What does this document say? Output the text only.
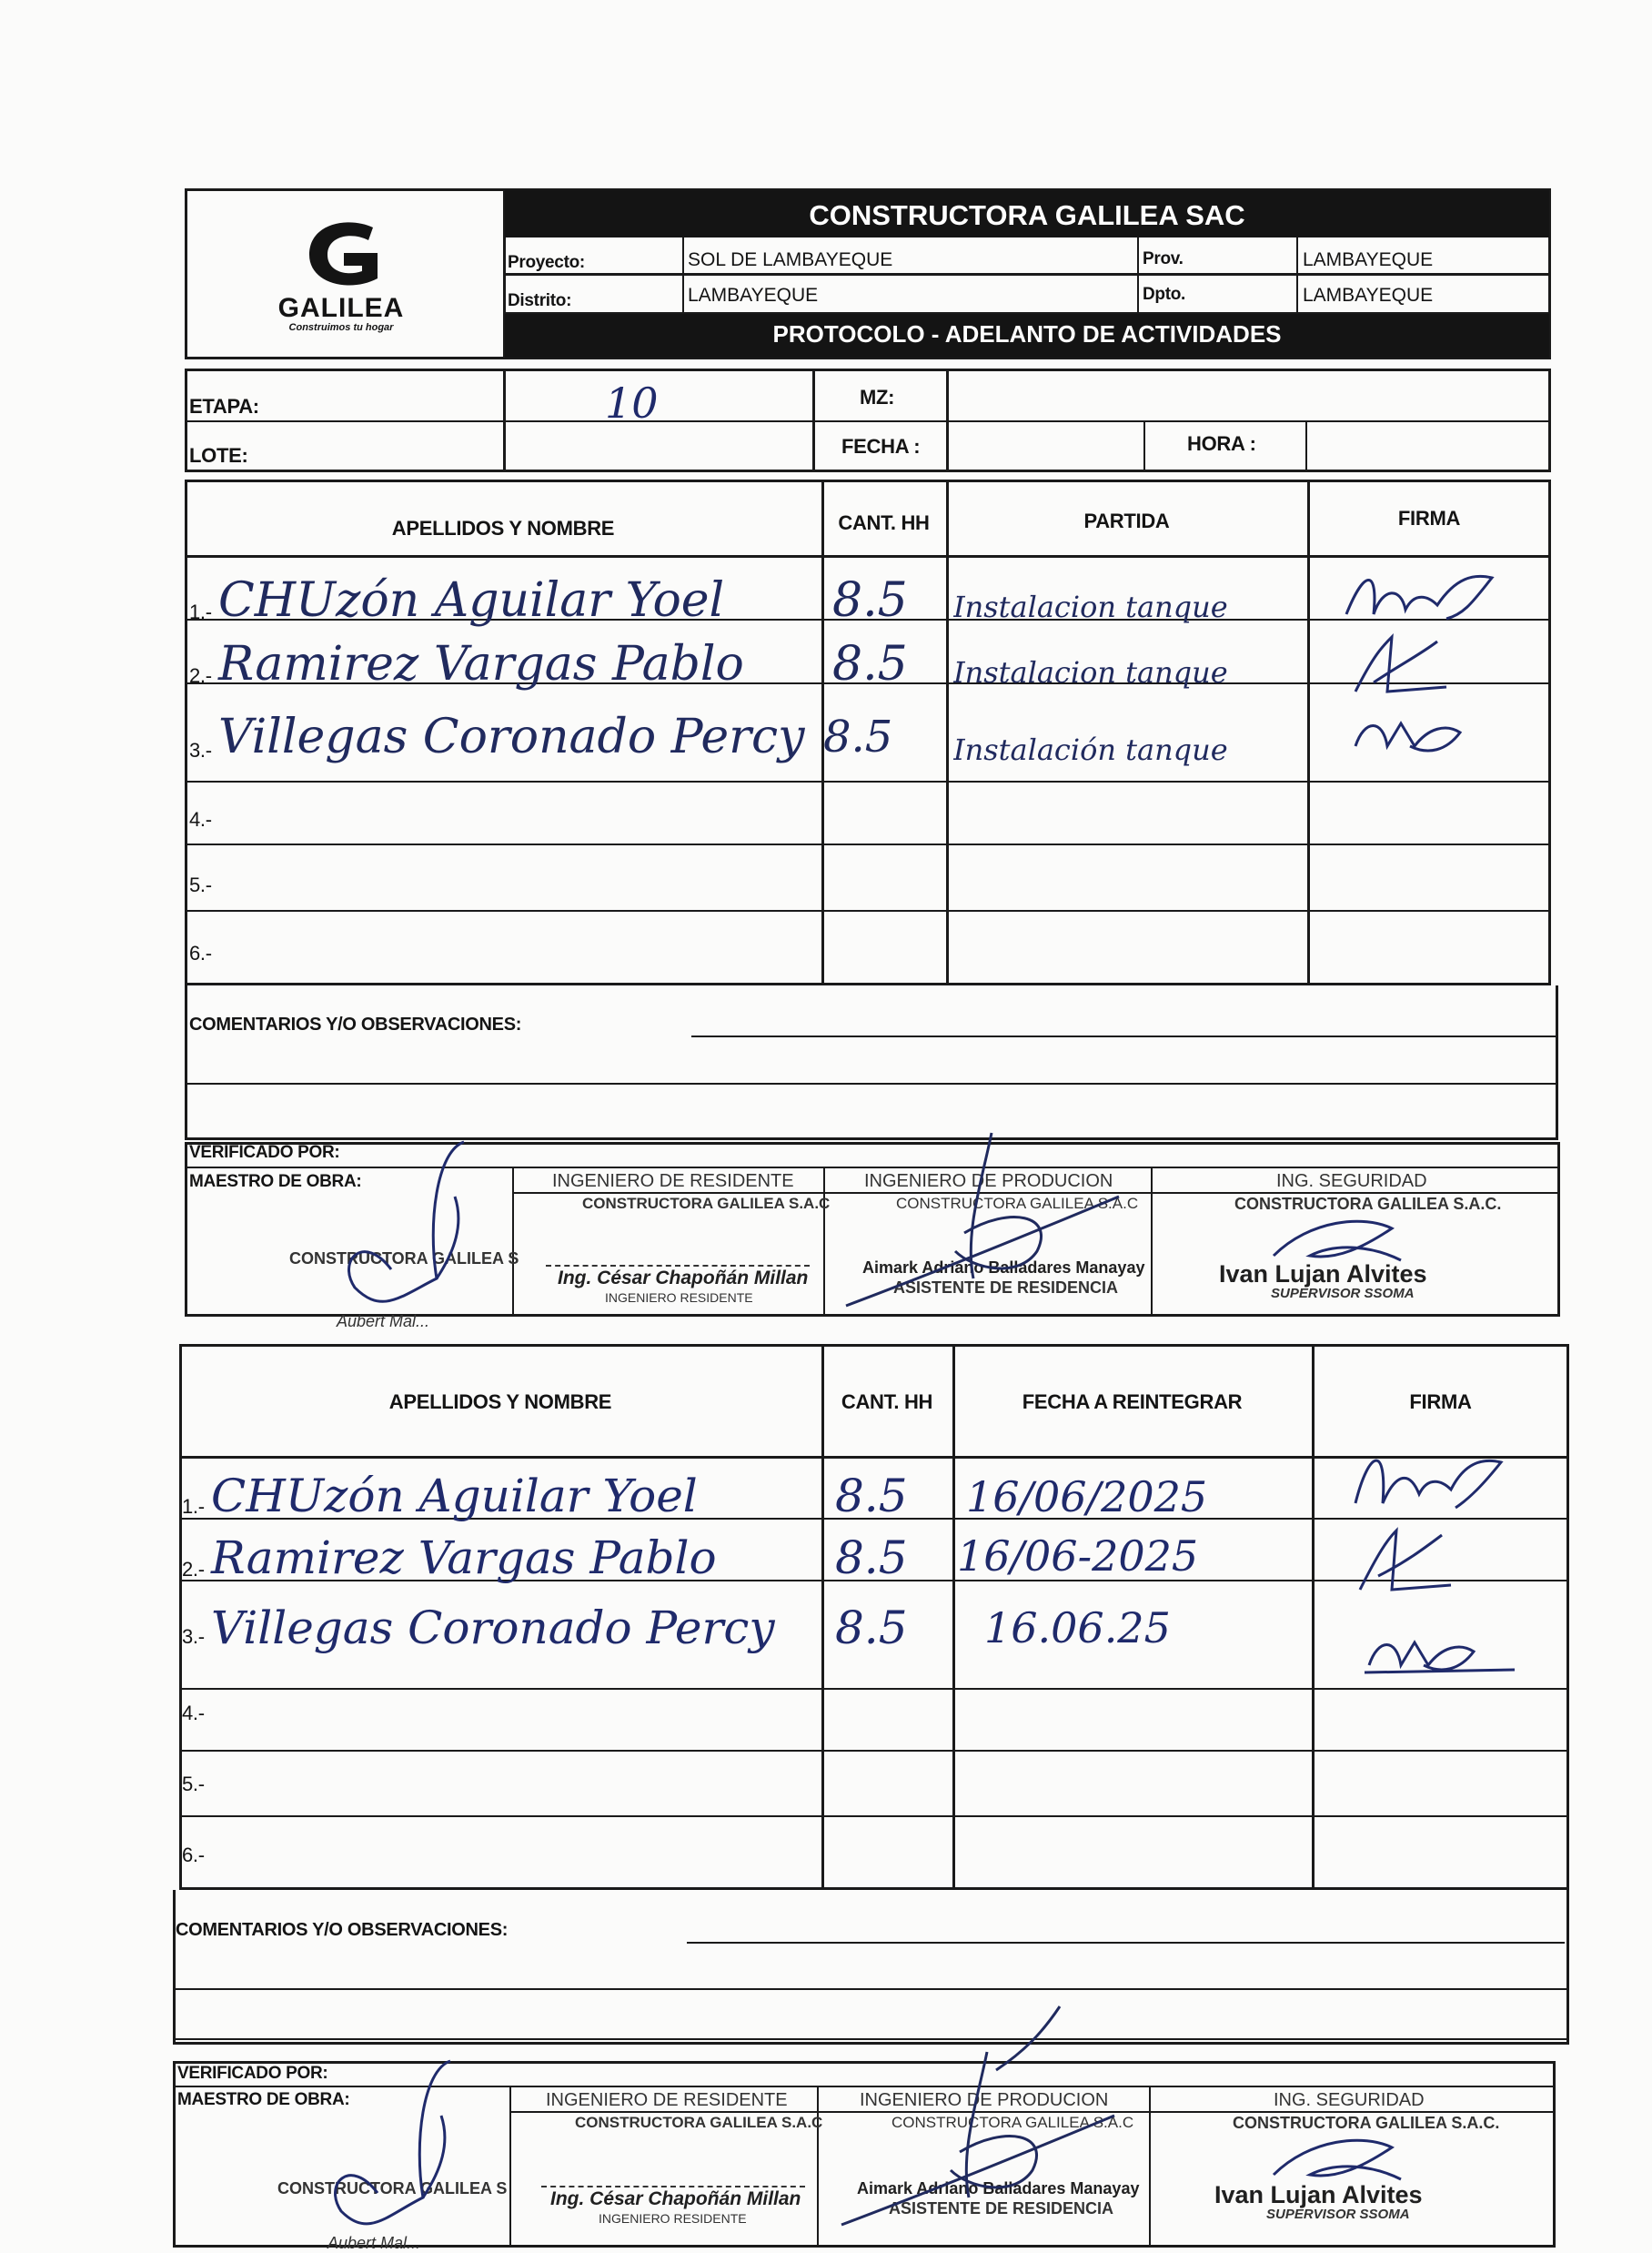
GALILEA
Construimos tu hogar
CONSTRUCTORA GALILEA SAC
Proyecto:	SOL DE LAMBAYEQUE	Prov.	LAMBAYEQUE
Distrito:	LAMBAYEQUE	Dpto.	LAMBAYEQUE
PROTOCOLO - ADELANTO DE ACTIVIDADES
ETAPA:	10	MZ:
LOTE:	FECHA :	HORA :
APELLIDOS Y NOMBRE	CANT. HH	PARTIDA	FIRMA
1.- CHUzón Aguilar Yoel 8.5 Instalacion tanque
2.- Ramirez Vargas Pablo 8.5 Instalacion tanque
3.- Villegas Coronado Percy 8.5 Instalación tanque
4.-
5.-
6.-
COMENTARIOS Y/O OBSERVACIONES:
VERIFICADO POR:
MAESTRO DE OBRA:	INGENIERO DE RESIDENTE	INGENIERO DE PRODUCION	ING. SEGURIDAD
CONSTRUCTORA GALILEA S
Aubert Mal...
CONSTRUCTORA GALILEA S.A.C
Ing. César Chapoñán Millan
INGENIERO RESIDENTE
CONSTRUCTORA GALILEA S.A.C
Aimark Adriano Balladares Manayay
ASISTENTE DE RESIDENCIA
CONSTRUCTORA GALILEA S.A.C.
Ivan Lujan Alvites
SUPERVISOR SSOMA
APELLIDOS Y NOMBRE	CANT. HH	FECHA A REINTEGRAR	FIRMA
1.- CHUzón Aguilar Yoel	8.5 16/06/2025
2.- Ramirez Vargas Pablo	8.5 16/06-2025
3.- Villegas Coronado Percy 8.5 16.06.25
4.-
5.-
6.-
COMENTARIOS Y/O OBSERVACIONES:
VERIFICADO POR:
MAESTRO DE OBRA:	INGENIERO DE RESIDENTE	INGENIERO DE PRODUCION	ING. SEGURIDAD
CONSTRUCTORA GALILEA S
Aubert Mal...
CONSTRUCTORA GALILEA S.A.C
Ing. César Chapoñán Millan
INGENIERO RESIDENTE
CONSTRUCTORA GALILEA S.A.C
Aimark Adriano Balladares Manayay
ASISTENTE DE RESIDENCIA
CONSTRUCTORA GALILEA S.A.C.
Ivan Lujan Alvites
SUPERVISOR SSOMA
